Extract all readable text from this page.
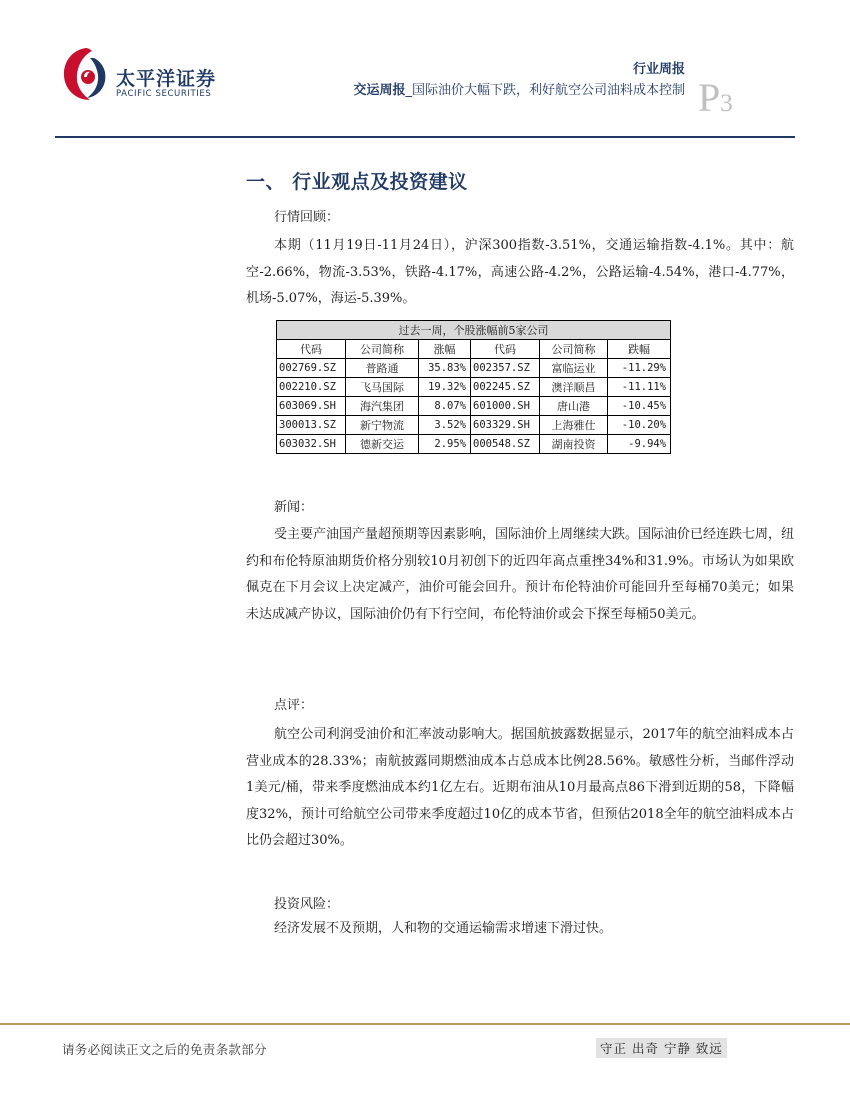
太平洋证券
PACIFIC SECURITIES
行业周报
交运周报_国际油价大幅下跌，利好航空公司油料成本控制 P3
一、 行业观点及投资建议
行情回顾：
本期（11月19日-11月24日），沪深300指数-3.51%，交通运输指数-4.1%。其中：航空-2.66%，物流-3.53%，铁路-4.17%，高速公路-4.2%，公路运输-4.54%，港口-4.77%，机场-5.07%，海运-5.39%。
过去一周，个股涨幅前5家公司					
代码	公司简称	涨幅	代码	公司简称	跌幅
002769.SZ	普路通	35.83%	002357.SZ	富临运业	-11.29%
002210.SZ	飞马国际	19.32%	002245.SZ	澳洋顺昌	-11.11%
603069.SH	海汽集团	8.07%	601000.SH	唐山港	-10.45%
300013.SZ	新宁物流	3.52%	603329.SH	上海雅仕	-10.20%
603032.SH	德新交运	2.95%	000548.SZ	湖南投资	-9.94%
新闻：
受主要产油国产量超预期等因素影响，国际油价上周继续大跌。国际油价已经连跌七周，纽约和布伦特原油期货价格分别较10月初创下的近四年高点重挫34%和31.9%。市场认为如果欧佩克在下月会议上决定减产，油价可能会回升。预计布伦特油价可能回升至每桶70美元；如果未达成减产协议，国际油价仍有下行空间，布伦特油价或会下探至每桶50美元。
点评：
航空公司利润受油价和汇率波动影响大。据国航披露数据显示，2017年的航空油料成本占营业成本的28.33%；南航披露同期燃油成本占总成本比例28.56%。敏感性分析，当邮件浮动1美元/桶，带来季度燃油成本约1亿左右。近期布油从10月最高点86下滑到近期的58，下降幅度32%，预计可给航空公司带来季度超过10亿的成本节省，但预估2018全年的航空油料成本占比仍会超过30%。
投资风险：
经济发展不及预期，人和物的交通运输需求增速下滑过快。
请务必阅读正文之后的免责条款部分	守正 出奇 宁静 致远
